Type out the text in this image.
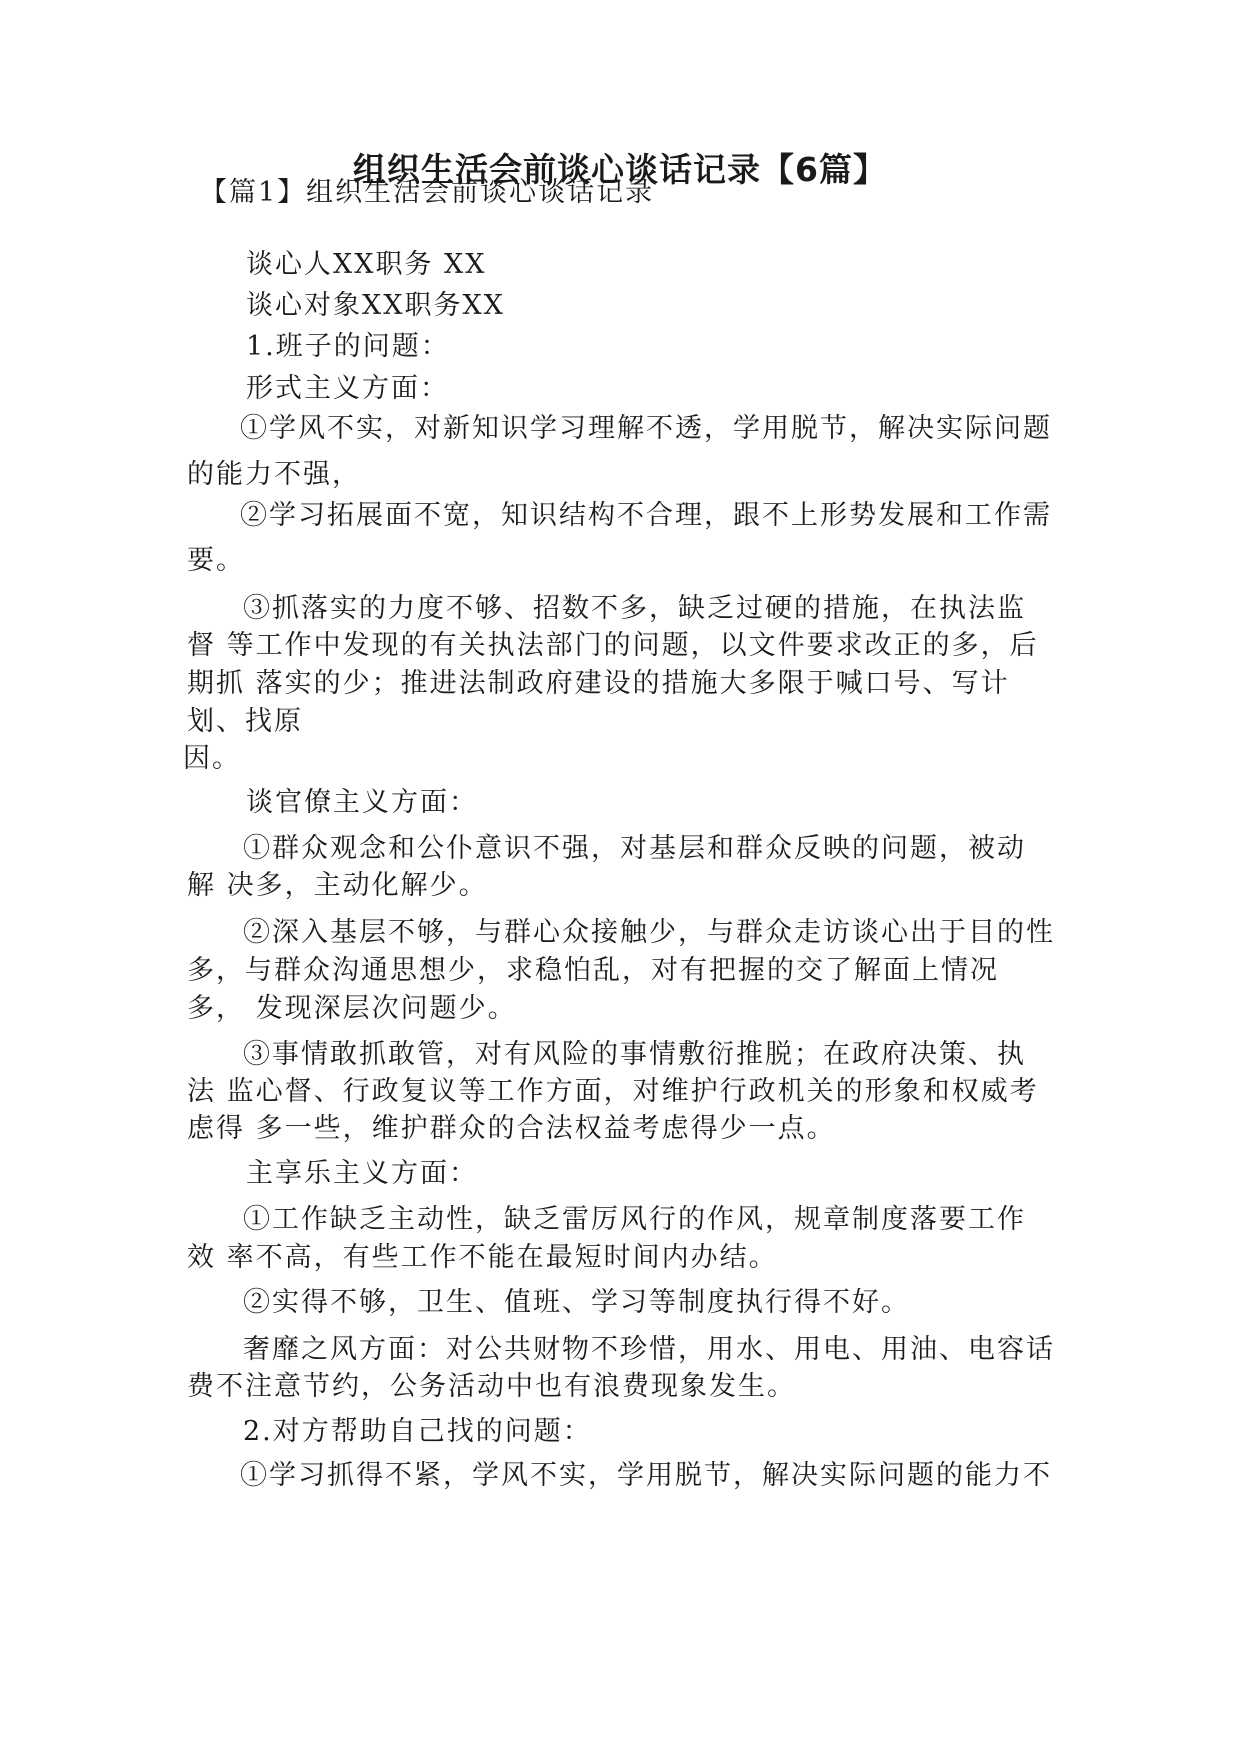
组织生活会前谈心谈话记录【6篇】

【篇1】组织生活会前谈心谈话记录

谈心人XX职务 XX

谈心对象XX职务XX

1.班子的问题：

形式主义方面：

①学风不实，对新知识学习理解不透，学用脱节，解决实际问题

的能力不强，

②学习拓展面不宽，知识结构不合理，跟不上形势发展和工作需

要。

③抓落实的力度不够、招数不多，缺乏过硬的措施，在执法监

督 等工作中发现的有关执法部门的问题，以文件要求改正的多，后

期抓 落实的少；推进法制政府建设的措施大多限于喊口号、写计

划、找原

因。

谈官僚主义方面：

①群众观念和公仆意识不强，对基层和群众反映的问题，被动

解 决多，主动化解少。

②深入基层不够，与群心众接触少，与群众走访谈心出于目的性

多，与群众沟通思想少，求稳怕乱，对有把握的交了解面上情况

多， 发现深层次问题少。

③事情敢抓敢管，对有风险的事情敷衍推脱；在政府决策、执

法 监心督、行政复议等工作方面，对维护行政机关的形象和权威考

虑得 多一些，维护群众的合法权益考虑得少一点。

主享乐主义方面：

①工作缺乏主动性，缺乏雷厉风行的作风，规章制度落要工作

效 率不高，有些工作不能在最短时间内办结。

②实得不够，卫生、值班、学习等制度执行得不好。

奢靡之风方面：对公共财物不珍惜，用水、用电、用油、电容话

费不注意节约，公务活动中也有浪费现象发生。

2.对方帮助自己找的问题：

①学习抓得不紧，学风不实，学用脱节，解决实际问题的能力不
